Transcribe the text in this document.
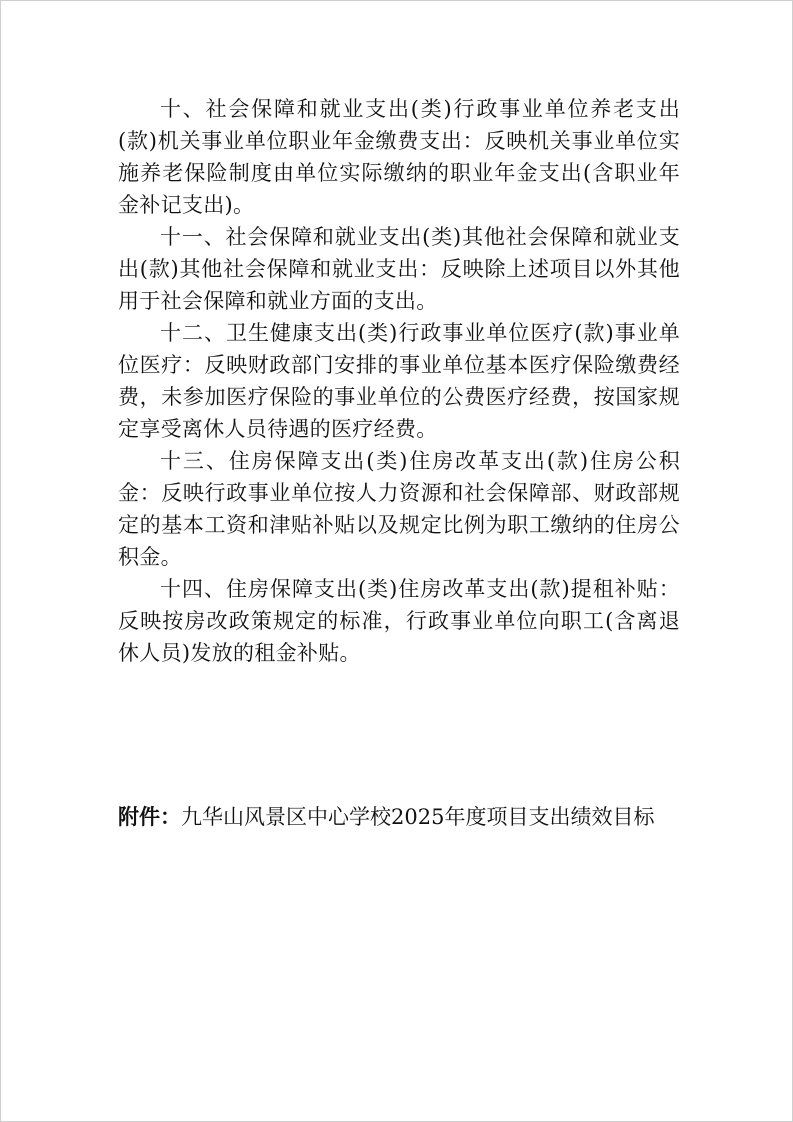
十、社会保障和就业支出(类)行政事业单位养老支出(款)机关事业单位职业年金缴费支出：反映机关事业单位实施养老保险制度由单位实际缴纳的职业年金支出(含职业年金补记支出)。

十一、社会保障和就业支出(类)其他社会保障和就业支出(款)其他社会保障和就业支出：反映除上述项目以外其他用于社会保障和就业方面的支出。

十二、卫生健康支出(类)行政事业单位医疗(款)事业单位医疗：反映财政部门安排的事业单位基本医疗保险缴费经费，未参加医疗保险的事业单位的公费医疗经费，按国家规定享受离休人员待遇的医疗经费。

十三、住房保障支出(类)住房改革支出(款)住房公积金：反映行政事业单位按人力资源和社会保障部、财政部规定的基本工资和津贴补贴以及规定比例为职工缴纳的住房公积金。

十四、住房保障支出(类)住房改革支出(款)提租补贴：反映按房改政策规定的标准，行政事业单位向职工(含离退休人员)发放的租金补贴。

附件：九华山风景区中心学校2025年度项目支出绩效目标
